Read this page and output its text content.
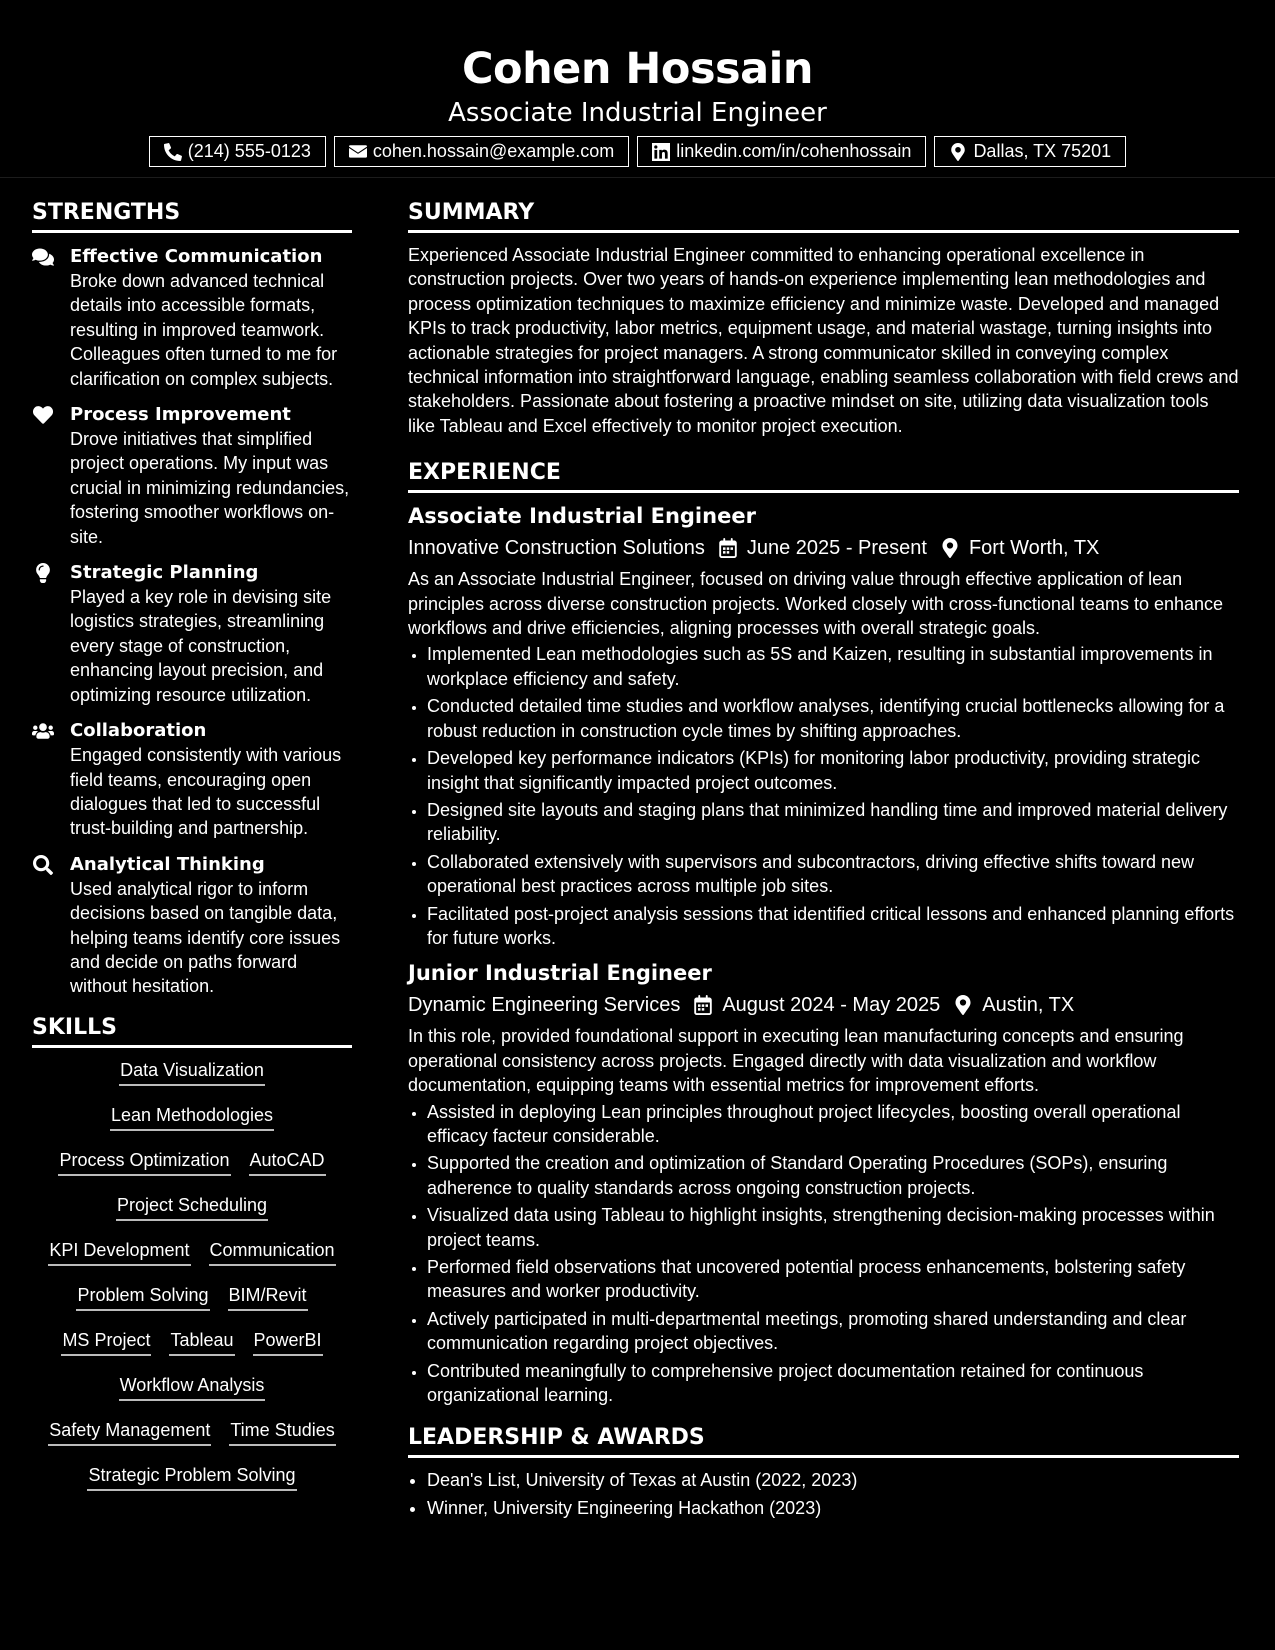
Cohen Hossain
Associate Industrial Engineer
(214) 555-0123	cohen.hossain@example.com	linkedin.com/in/cohenhossain	Dallas, TX 75201
STRENGTHS
Effective Communication
Broke down advanced technical details into accessible formats, resulting in improved teamwork. Colleagues often turned to me for clarification on complex subjects.
Process Improvement
Drove initiatives that simplified project operations. My input was crucial in minimizing redundancies, fostering smoother workflows on-site.
Strategic Planning
Played a key role in devising site logistics strategies, streamlining every stage of construction, enhancing layout precision, and optimizing resource utilization.
Collaboration
Engaged consistently with various field teams, encouraging open dialogues that led to successful trust-building and partnership.
Analytical Thinking
Used analytical rigor to inform decisions based on tangible data, helping teams identify core issues and decide on paths forward without hesitation.
SKILLS
Data Visualization
Lean Methodologies
Process Optimization AutoCAD
Project Scheduling
KPI Development Communication
Problem Solving BIM/Revit
MS Project Tableau PowerBI
Workflow Analysis
Safety Management Time Studies
Strategic Problem Solving
SUMMARY
Experienced Associate Industrial Engineer committed to enhancing operational excellence in construction projects. Over two years of hands-on experience implementing lean methodologies and process optimization techniques to maximize efficiency and minimize waste. Developed and managed KPIs to track productivity, labor metrics, equipment usage, and material wastage, turning insights into actionable strategies for project managers. A strong communicator skilled in conveying complex technical information into straightforward language, enabling seamless collaboration with field crews and stakeholders. Passionate about fostering a proactive mindset on site, utilizing data visualization tools like Tableau and Excel effectively to monitor project execution.
EXPERIENCE
Associate Industrial Engineer
Innovative Construction Solutions June 2025 - Present Fort Worth, TX
As an Associate Industrial Engineer, focused on driving value through effective application of lean principles across diverse construction projects. Worked closely with cross-functional teams to enhance workflows and drive efficiencies, aligning processes with overall strategic goals.
• Implemented Lean methodologies such as 5S and Kaizen, resulting in substantial improvements in workplace efficiency and safety.
• Conducted detailed time studies and workflow analyses, identifying crucial bottlenecks allowing for a robust reduction in construction cycle times by shifting approaches.
• Developed key performance indicators (KPIs) for monitoring labor productivity, providing strategic insight that significantly impacted project outcomes.
• Designed site layouts and staging plans that minimized handling time and improved material delivery reliability.
• Collaborated extensively with supervisors and subcontractors, driving effective shifts toward new operational best practices across multiple job sites.
• Facilitated post-project analysis sessions that identified critical lessons and enhanced planning efforts for future works.
Junior Industrial Engineer
Dynamic Engineering Services August 2024 - May 2025 Austin, TX
In this role, provided foundational support in executing lean manufacturing concepts and ensuring operational consistency across projects. Engaged directly with data visualization and workflow documentation, equipping teams with essential metrics for improvement efforts.
• Assisted in deploying Lean principles throughout project lifecycles, boosting overall operational efficacy facteur considerable.
• Supported the creation and optimization of Standard Operating Procedures (SOPs), ensuring adherence to quality standards across ongoing construction projects.
• Visualized data using Tableau to highlight insights, strengthening decision-making processes within project teams.
• Performed field observations that uncovered potential process enhancements, bolstering safety measures and worker productivity.
• Actively participated in multi-departmental meetings, promoting shared understanding and clear communication regarding project objectives.
• Contributed meaningfully to comprehensive project documentation retained for continuous organizational learning.
LEADERSHIP & AWARDS
• Dean's List, University of Texas at Austin (2022, 2023)
• Winner, University Engineering Hackathon (2023)
